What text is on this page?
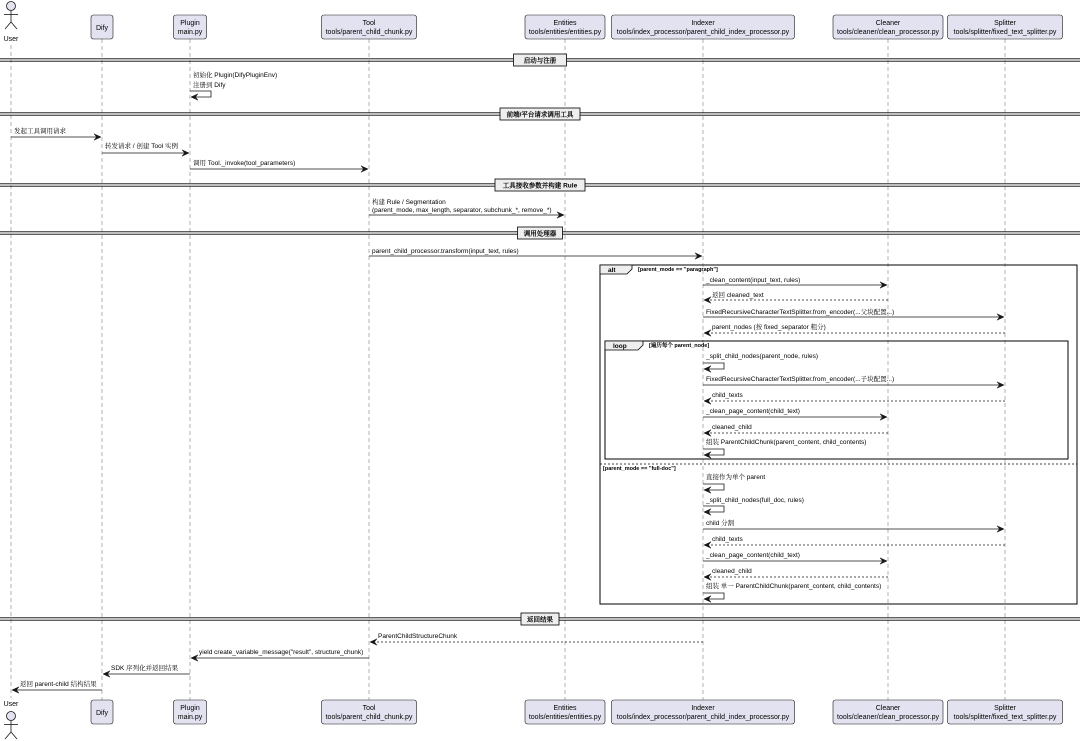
alt	[parent_mode == "paragraph"]
[parent_mode == "full-doc"]
loop	[遍历每个 parent_node]
启动与注册
前端/平台请求调用工具
工具接收参数并构建 Rule
调用处理器
返回结果
初始化 Plugin(DifyPluginEnv)
注册到 Dify
发起工具调用请求
转发请求 / 创建 Tool 实例
调用 Tool._invoke(tool_parameters)
构建 Rule / Segmentation
(parent_mode, max_length, separator, subchunk_*, remove_*)
parent_child_processor.transform(input_text, rules)
_clean_content(input_text, rules)
返回 cleaned_text
FixedRecursiveCharacterTextSplitter.from_encoder(...父块配置...)
parent_nodes (按 fixed_separator 粗分)
_split_child_nodes(parent_node, rules)
FixedRecursiveCharacterTextSplitter.from_encoder(...子块配置...)
child_texts
_clean_page_content(child_text)
cleaned_child
组装 ParentChildChunk(parent_content, child_contents)
直接作为单个 parent
_split_child_nodes(full_doc, rules)
child 分割
child_texts
_clean_page_content(child_text)
cleaned_child
组装 单一 ParentChildChunk(parent_content, child_contents)
ParentChildStructureChunk
yield create_variable_message("result", structure_chunk)
SDK 序列化并返回结果
返回 parent-child 结构结果
User
User
Dify
Dify
Plugin
main.py
Plugin
main.py
Tool
tools/parent_child_chunk.py
Tool
tools/parent_child_chunk.py
Entities
tools/entities/entities.py
Entities
tools/entities/entities.py
Indexer
tools/index_processor/parent_child_index_processor.py
Indexer
tools/index_processor/parent_child_index_processor.py
Cleaner
tools/cleaner/clean_processor.py
Cleaner
tools/cleaner/clean_processor.py
Splitter
tools/splitter/fixed_text_splitter.py
Splitter
tools/splitter/fixed_text_splitter.py
